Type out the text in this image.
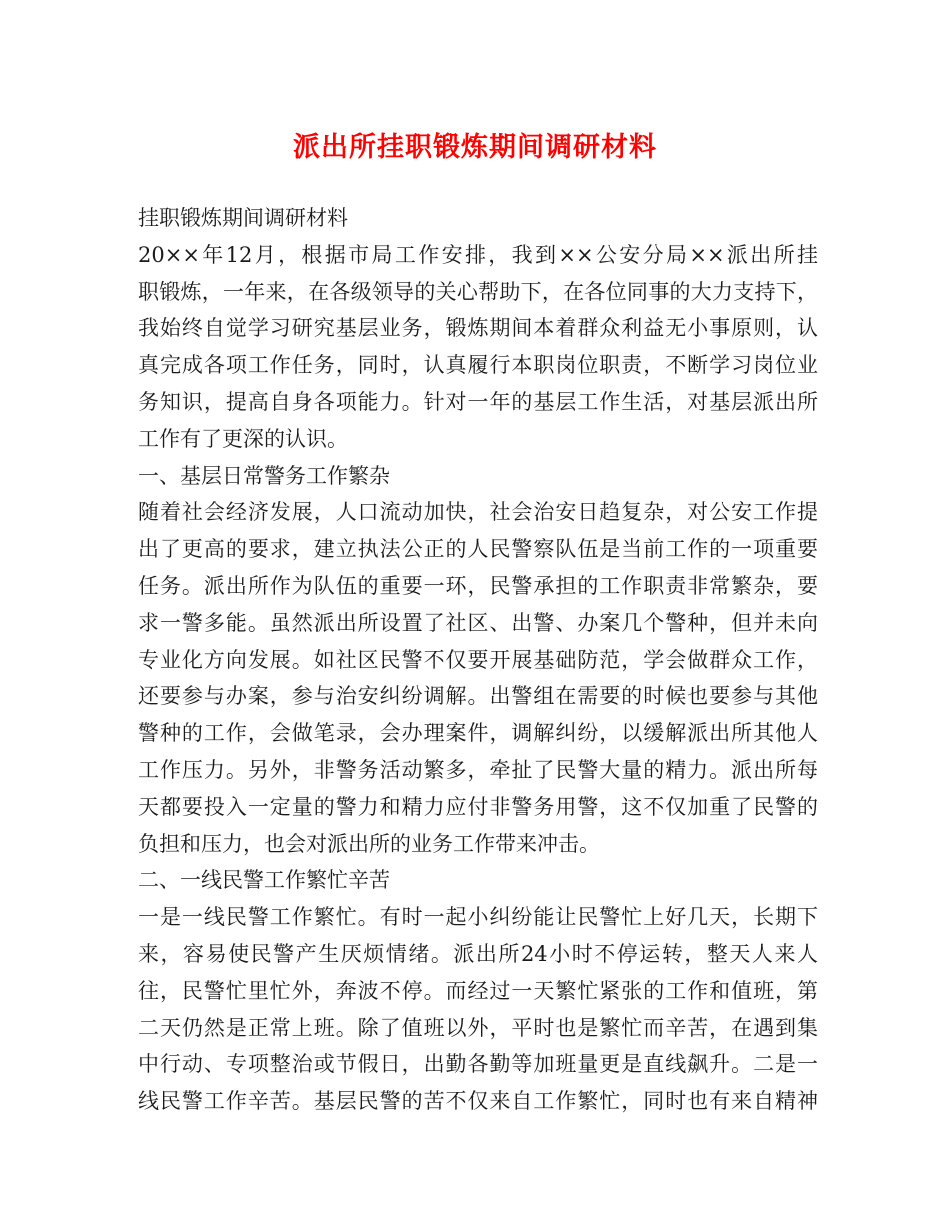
派出所挂职锻炼期间调研材料
挂职锻炼期间调研材料
20××年12月，根据市局工作安排，我到××公安分局××派出所挂
职锻炼，一年来，在各级领导的关心帮助下，在各位同事的大力支持下，
我始终自觉学习研究基层业务，锻炼期间本着群众利益无小事原则，认
真完成各项工作任务，同时，认真履行本职岗位职责，不断学习岗位业
务知识，提高自身各项能力。针对一年的基层工作生活，对基层派出所
工作有了更深的认识。
一、基层日常警务工作繁杂
随着社会经济发展，人口流动加快，社会治安日趋复杂，对公安工作提
出了更高的要求，建立执法公正的人民警察队伍是当前工作的一项重要
任务。派出所作为队伍的重要一环，民警承担的工作职责非常繁杂，要
求一警多能。虽然派出所设置了社区、出警、办案几个警种，但并未向
专业化方向发展。如社区民警不仅要开展基础防范，学会做群众工作，
还要参与办案，参与治安纠纷调解。出警组在需要的时候也要参与其他
警种的工作，会做笔录，会办理案件，调解纠纷，以缓解派出所其他人
工作压力。另外，非警务活动繁多，牵扯了民警大量的精力。派出所每
天都要投入一定量的警力和精力应付非警务用警，这不仅加重了民警的
负担和压力，也会对派出所的业务工作带来冲击。
二、一线民警工作繁忙辛苦
一是一线民警工作繁忙。有时一起小纠纷能让民警忙上好几天，长期下
来，容易使民警产生厌烦情绪。派出所24小时不停运转，整天人来人
往，民警忙里忙外，奔波不停。而经过一天繁忙紧张的工作和值班，第
二天仍然是正常上班。除了值班以外，平时也是繁忙而辛苦，在遇到集
中行动、专项整治或节假日，出勤各勤等加班量更是直线飙升。二是一
线民警工作辛苦。基层民警的苦不仅来自工作繁忙，同时也有来自精神
